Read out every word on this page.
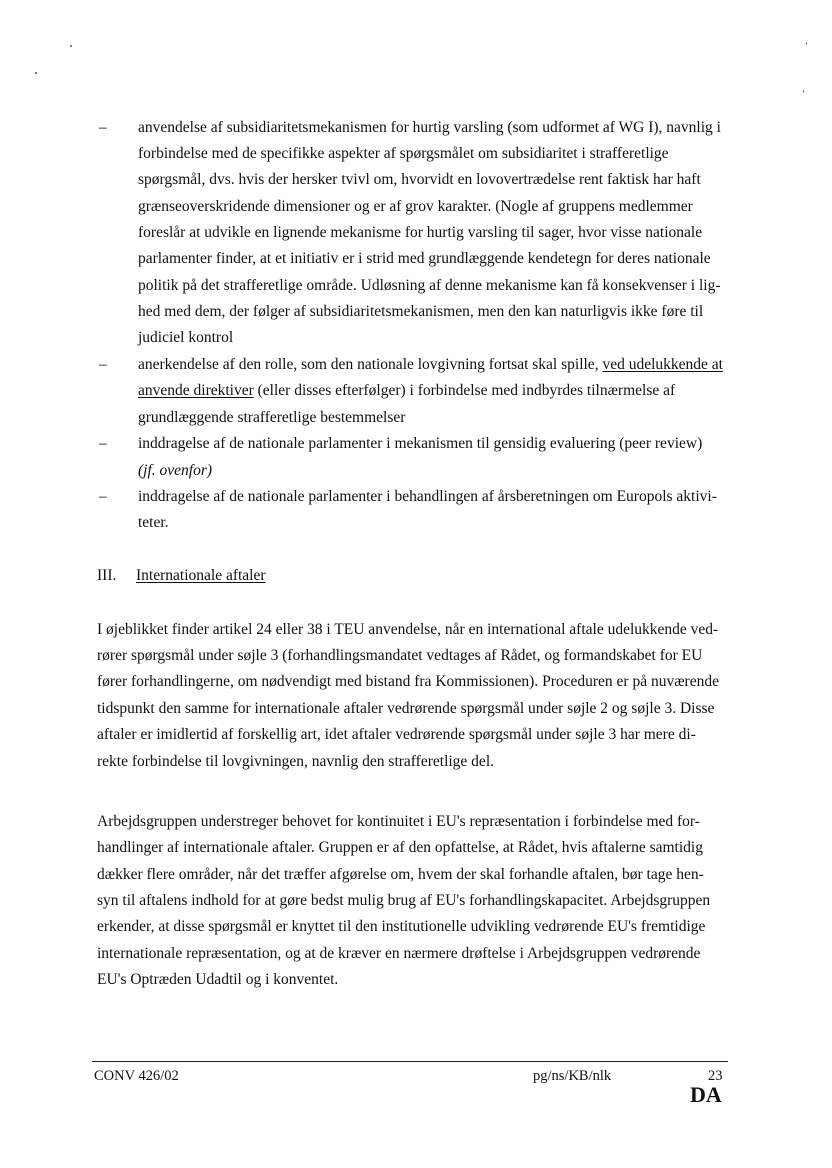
– anvendelse af subsidiaritetsmekanismen for hurtig varsling (som udformet af WG I), navnlig i
forbindelse med de specifikke aspekter af spørgsmålet om subsidiaritet i strafferetlige
spørgsmål, dvs. hvis der hersker tvivl om, hvorvidt en lovovertrædelse rent faktisk har haft
grænseoverskridende dimensioner og er af grov karakter. (Nogle af gruppens medlemmer
foreslår at udvikle en lignende mekanisme for hurtig varsling til sager, hvor visse nationale
parlamenter finder, at et initiativ er i strid med grundlæggende kendetegn for deres nationale
politik på det strafferetlige område. Udløsning af denne mekanisme kan få konsekvenser i lig-
hed med dem, der følger af subsidiaritetsmekanismen, men den kan naturligvis ikke føre til
judiciel kontrol
– anerkendelse af den rolle, som den nationale lovgivning fortsat skal spille, ved udelukkende at
anvende direktiver (eller disses efterfølger) i forbindelse med indbyrdes tilnærmelse af
grundlæggende strafferetlige bestemmelser
– inddragelse af de nationale parlamenter i mekanismen til gensidig evaluering (peer review)
(jf. ovenfor)
– inddragelse af de nationale parlamenter i behandlingen af årsberetningen om Europols aktivi-
teter.
III. Internationale aftaler
I øjeblikket finder artikel 24 eller 38 i TEU anvendelse, når en international aftale udelukkende ved-
rører spørgsmål under søjle 3 (forhandlingsmandatet vedtages af Rådet, og formandskabet for EU
fører forhandlingerne, om nødvendigt med bistand fra Kommissionen). Proceduren er på nuværende
tidspunkt den samme for internationale aftaler vedrørende spørgsmål under søjle 2 og søjle 3. Disse
aftaler er imidlertid af forskellig art, idet aftaler vedrørende spørgsmål under søjle 3 har mere di-
rekte forbindelse til lovgivningen, navnlig den strafferetlige del.
Arbejdsgruppen understreger behovet for kontinuitet i EU's repræsentation i forbindelse med for-
handlinger af internationale aftaler. Gruppen er af den opfattelse, at Rådet, hvis aftalerne samtidig
dækker flere områder, når det træffer afgørelse om, hvem der skal forhandle aftalen, bør tage hen-
syn til aftalens indhold for at gøre bedst mulig brug af EU's forhandlingskapacitet. Arbejdsgruppen
erkender, at disse spørgsmål er knyttet til den institutionelle udvikling vedrørende EU's fremtidige
internationale repræsentation, og at de kræver en nærmere drøftelse i Arbejdsgruppen vedrørende
EU's Optræden Udadtil og i konventet.
CONV 426/02	pg/ns/KB/nlk	23
DA
